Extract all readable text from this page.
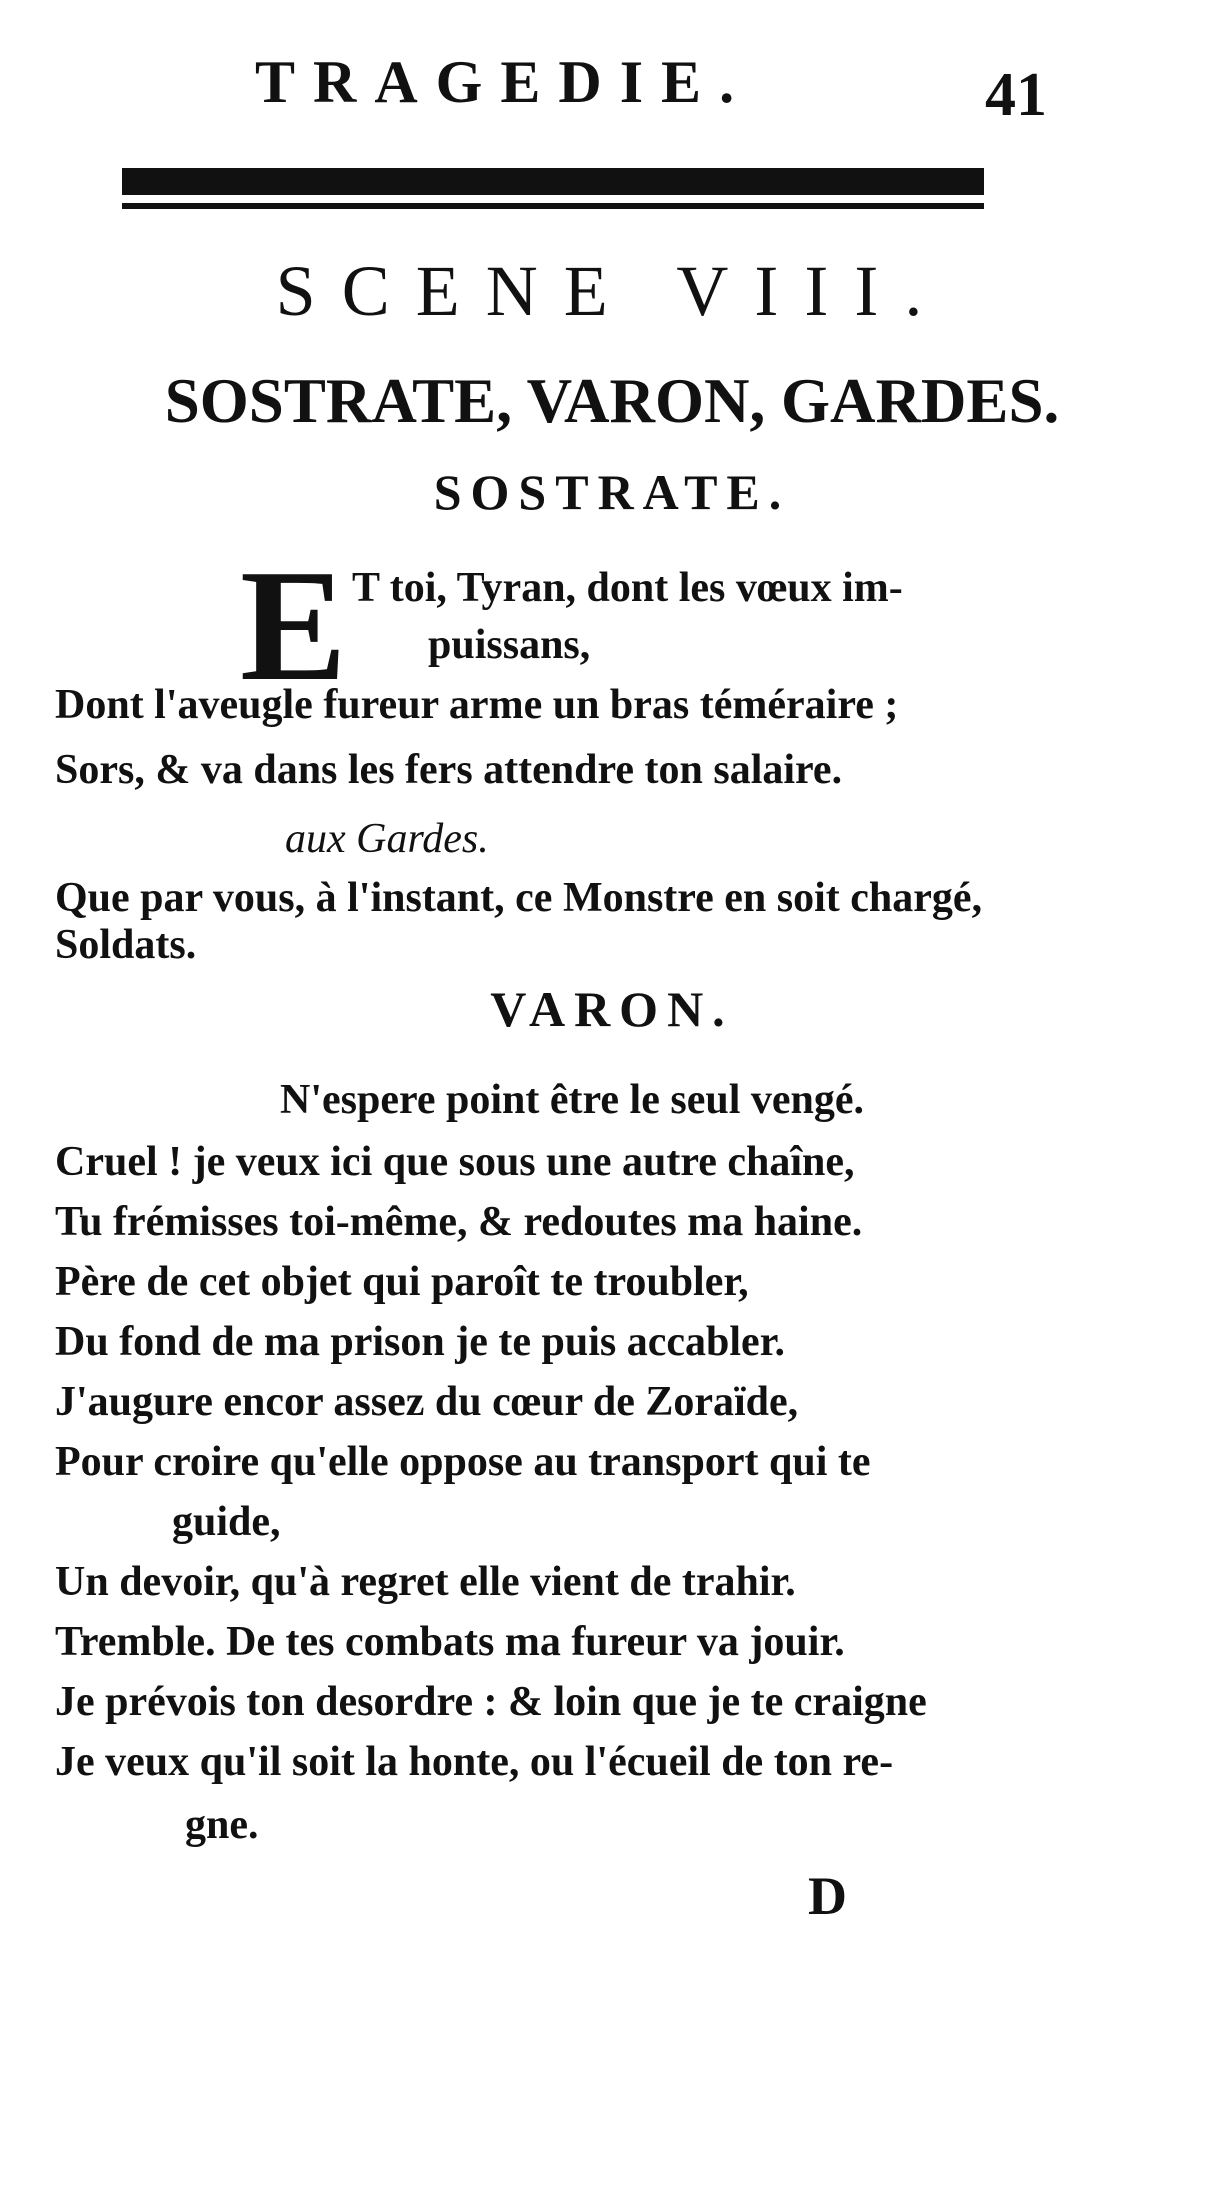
TRAGEDIE.	41
SCENE VIII.
SOSTRATE, VARON, GARDES.
SOSTRATE.
E T toi, Tyran, dont les vœux im-
puissans,
Dont l'aveugle fureur arme un bras téméraire ;
Sors, & va dans les fers attendre ton salaire.
aux Gardes.
Que par vous, à l'instant, ce Monstre en soit chargé,
Soldats.
VARON.
N'espere point être le seul vengé.
Cruel ! je veux ici que sous une autre chaîne,
Tu frémisses toi-même, & redoutes ma haine.
Père de cet objet qui paroît te troubler,
Du fond de ma prison je te puis accabler.
J'augure encor assez du cœur de Zoraïde,
Pour croire qu'elle oppose au transport qui te
guide,
Un devoir, qu'à regret elle vient de trahir.
Tremble. De tes combats ma fureur va jouir.
Je prévois ton desordre : & loin que je te craigne
Je veux qu'il soit la honte, ou l'écueil de ton re-
gne.
D
